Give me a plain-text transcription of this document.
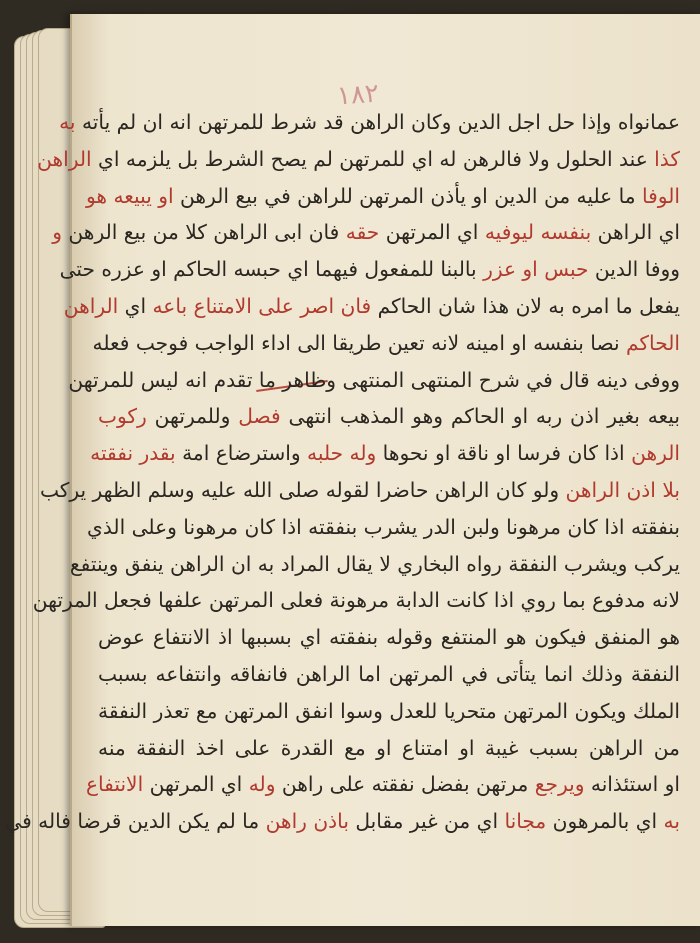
١٨٢
عمانواه وإذا حل اجل الدين وكان الراهن قد شرط للمرتهن انه ان لم يأته به
كذا عند الحلول ولا فالرهن له اي للمرتهن لم يصح الشرط بل يلزمه اي الراهن
الوفا ما عليه من الدين او يأذن المرتهن للراهن في بيع الرهن او يبيعه هو
اي الراهن بنفسه ليوفيه اي المرتهن حقه فان ابى الراهن كلا من بيع الرهن و
ووفا الدين حبس او عزر بالبنا للمفعول فيهما اي حبسه الحاكم او عزره حتى
يفعل ما امره به لان هذا شان الحاكم فان اصر على الامتناع باعه اي الراهن
الحاكم نصا بنفسه او امينه لانه تعين طريقا الى اداء الواجب فوجب فعله
ووفى دينه قال في شرح المنتهى المنتهى وظاهر ما تقدم انه ليس للمرتهن
بيعه بغير اذن ربه او الحاكم وهو المذهب انتهى فصل وللمرتهن ركوب
الرهن اذا كان فرسا او ناقة او نحوها وله حلبه واسترضاع امة بقدر نفقته
بلا اذن الراهن ولو كان الراهن حاضرا لقوله صلى الله عليه وسلم الظهر يركب
بنفقته اذا كان مرهونا ولبن الدر يشرب بنفقته اذا كان مرهونا وعلى الذي
يركب ويشرب النفقة رواه البخاري لا يقال المراد به ان الراهن ينفق وينتفع
لانه مدفوع بما روي اذا كانت الدابة مرهونة فعلى المرتهن علفها فجعل المرتهن
هو المنفق فيكون هو المنتفع وقوله بنفقته اي بسببها اذ الانتفاع عوض
النفقة وذلك انما يتأتى في المرتهن اما الراهن فانفاقه وانتفاعه بسبب
الملك ويكون المرتهن متحريا للعدل وسوا انفق المرتهن مع تعذر النفقة
من الراهن بسبب غيبة او امتناع او مع القدرة على اخذ النفقة منه
او استئذانه ويرجع مرتهن بفضل نفقته على راهن وله اي المرتهن الانتفاع
به اي بالمرهون مجانا اي من غير مقابل باذن راهن ما لم يكن الدين قرضا فاله في
